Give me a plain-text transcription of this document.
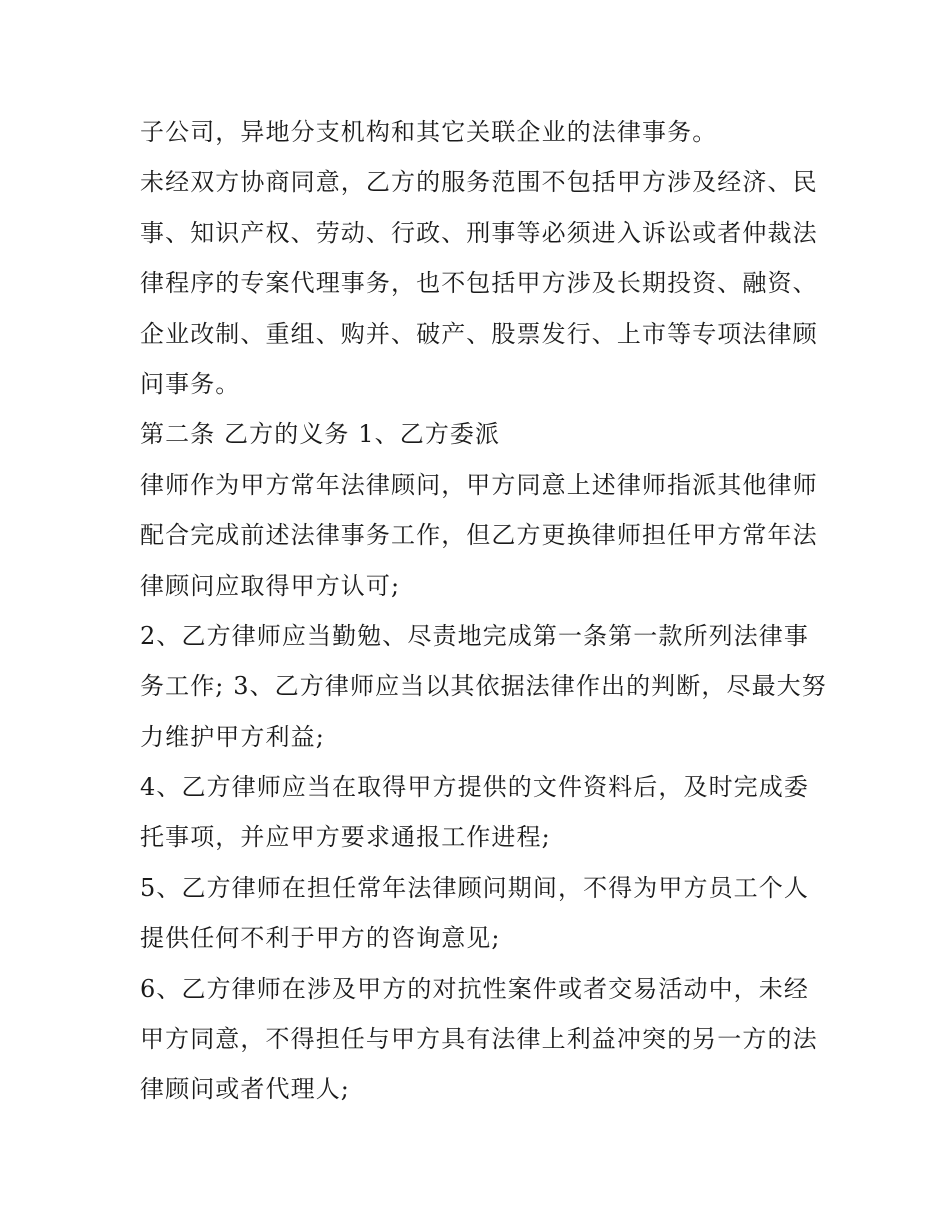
子公司，异地分支机构和其它关联企业的法律事务。
未经双方协商同意，乙方的服务范围不包括甲方涉及经济、民
事、知识产权、劳动、行政、刑事等必须进入诉讼或者仲裁法
律程序的专案代理事务，也不包括甲方涉及长期投资、融资、
企业改制、重组、购并、破产、股票发行、上市等专项法律顾
问事务。
第二条 乙方的义务 1、乙方委派
律师作为甲方常年法律顾问，甲方同意上述律师指派其他律师
配合完成前述法律事务工作，但乙方更换律师担任甲方常年法
律顾问应取得甲方认可;
2、乙方律师应当勤勉、尽责地完成第一条第一款所列法律事
务工作; 3、乙方律师应当以其依据法律作出的判断，尽最大努
力维护甲方利益;
4、乙方律师应当在取得甲方提供的文件资料后，及时完成委
托事项，并应甲方要求通报工作进程;
5、乙方律师在担任常年法律顾问期间，不得为甲方员工个人
提供任何不利于甲方的咨询意见;
6、乙方律师在涉及甲方的对抗性案件或者交易活动中，未经
甲方同意，不得担任与甲方具有法律上利益冲突的另一方的法
律顾问或者代理人;
